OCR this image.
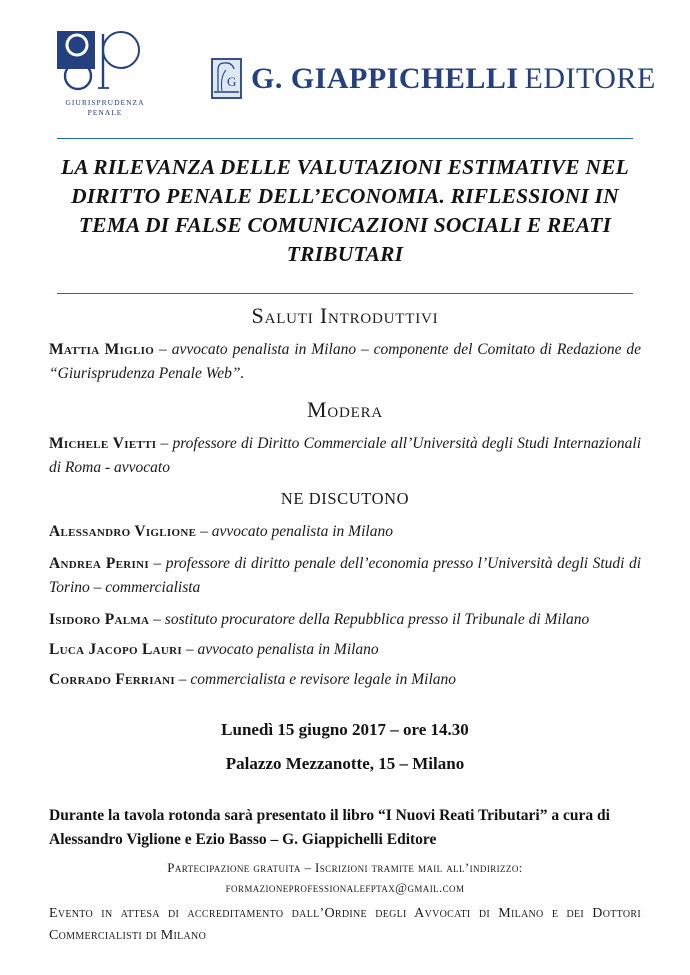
GIURISPRUDENZA
PENALE
G G. GIAPPICHELLI EDITORE
LA RILEVANZA DELLE VALUTAZIONI ESTIMATIVE NEL DIRITTO PENALE DELL’ECONOMIA. RIFLESSIONI IN TEMA DI FALSE COMUNICAZIONI SOCIALI E REATI TRIBUTARI
Saluti Introduttivi

Mattia Miglio – avvocato penalista in Milano – componente del Comitato di Redazione de “Giurisprudenza Penale Web”.

Modera

Michele Vietti – professore di Diritto Commerciale all’Università degli Studi Internazionali di Roma - avvocato

NE DISCUTONO

Alessandro Viglione – avvocato penalista in Milano

Andrea Perini – professore di diritto penale dell’economia presso l’Università degli Studi di Torino – commercialista

Isidoro Palma – sostituto procuratore della Repubblica presso il Tribunale di Milano

Luca Jacopo Lauri – avvocato penalista in Milano

Corrado Ferriani – commercialista e revisore legale in Milano

Lunedì 15 giugno 2017 – ore 14.30
Palazzo Mezzanotte, 15 – Milano

Durante la tavola rotonda sarà presentato il libro “I Nuovi Reati Tributari” a cura di Alessandro Viglione e Ezio Basso – G. Giappichelli Editore

Partecipazione gratuita – Iscrizioni tramite mail all’indirizzo:
formazioneprofessionalefptax@gmail.com

Evento in attesa di accreditamento dall’Ordine degli Avvocati di Milano e dei Dottori Commercialisti di Milano
